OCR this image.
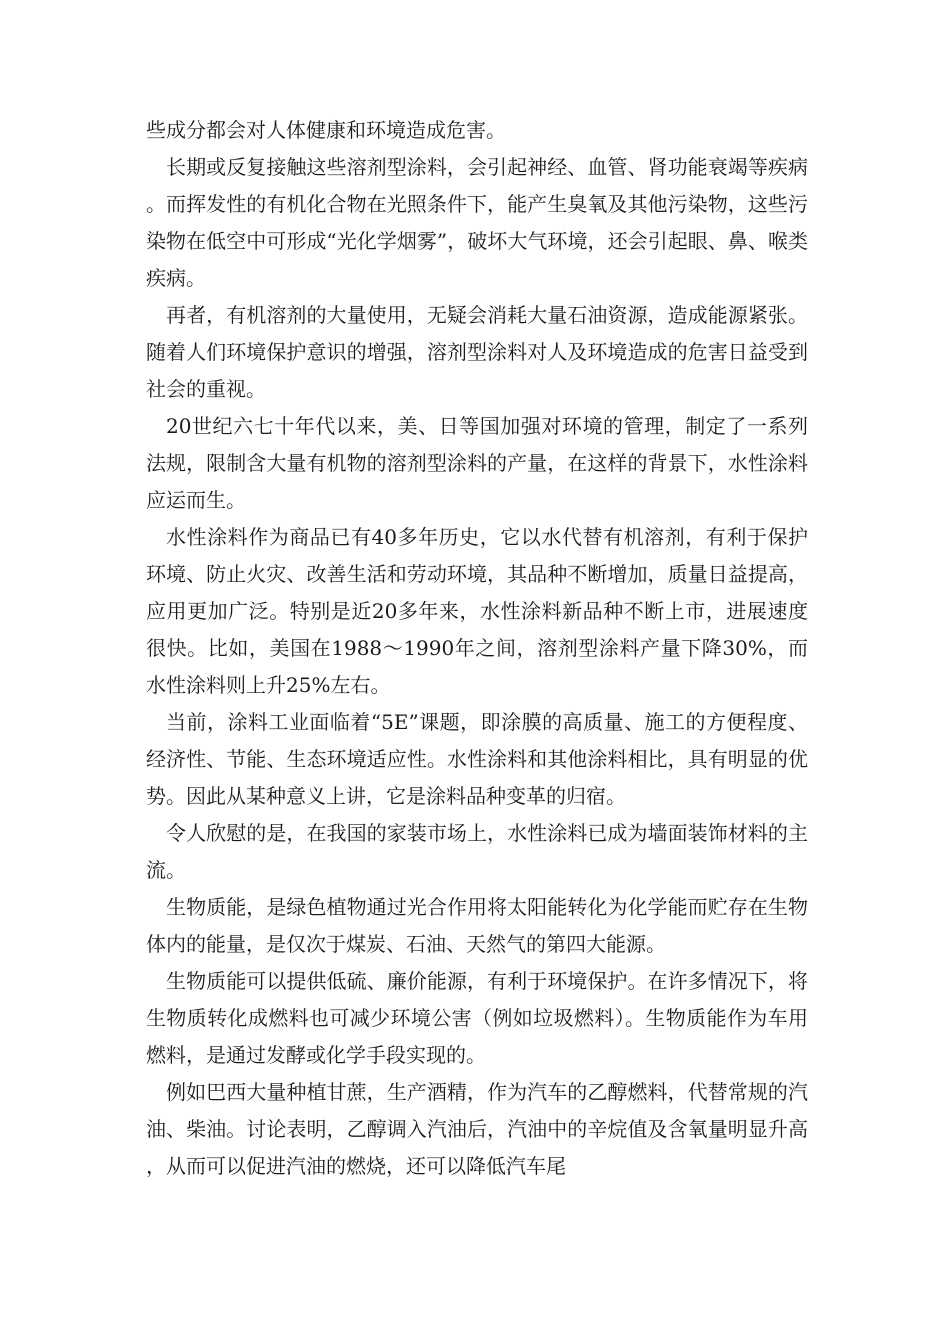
些成分都会对人体健康和环境造成危害。

长期或反复接触这些溶剂型涂料，会引起神经、血管、肾功能衰竭等疾病。而挥发性的有机化合物在光照条件下，能产生臭氧及其他污染物，这些污染物在低空中可形成“光化学烟雾”，破坏大气环境，还会引起眼、鼻、喉类疾病。

再者，有机溶剂的大量使用，无疑会消耗大量石油资源，造成能源紧张。随着人们环境保护意识的增强，溶剂型涂料对人及环境造成的危害日益受到社会的重视。

20世纪六七十年代以来，美、日等国加强对环境的管理，制定了一系列法规，限制含大量有机物的溶剂型涂料的产量，在这样的背景下，水性涂料应运而生。

水性涂料作为商品已有40多年历史，它以水代替有机溶剂，有利于保护环境、防止火灾、改善生活和劳动环境，其品种不断增加，质量日益提高，应用更加广泛。特别是近20多年来，水性涂料新品种不断上市，进展速度很快。比如，美国在1988～1990年之间，溶剂型涂料产量下降30%，而水性涂料则上升25%左右。

当前，涂料工业面临着“5E”课题，即涂膜的高质量、施工的方便程度、经济性、节能、生态环境适应性。水性涂料和其他涂料相比，具有明显的优势。因此从某种意义上讲，它是涂料品种变革的归宿。

令人欣慰的是，在我国的家装市场上，水性涂料已成为墙面装饰材料的主流。

生物质能，是绿色植物通过光合作用将太阳能转化为化学能而贮存在生物体内的能量，是仅次于煤炭、石油、天然气的第四大能源。

生物质能可以提供低硫、廉价能源，有利于环境保护。在许多情况下，将生物质转化成燃料也可减少环境公害（例如垃圾燃料）。生物质能作为车用燃料，是通过发酵或化学手段实现的。

例如巴西大量种植甘蔗，生产酒精，作为汽车的乙醇燃料，代替常规的汽油、柴油。讨论表明，乙醇调入汽油后，汽油中的辛烷值及含氧量明显升高，从而可以促进汽油的燃烧，还可以降低汽车尾
